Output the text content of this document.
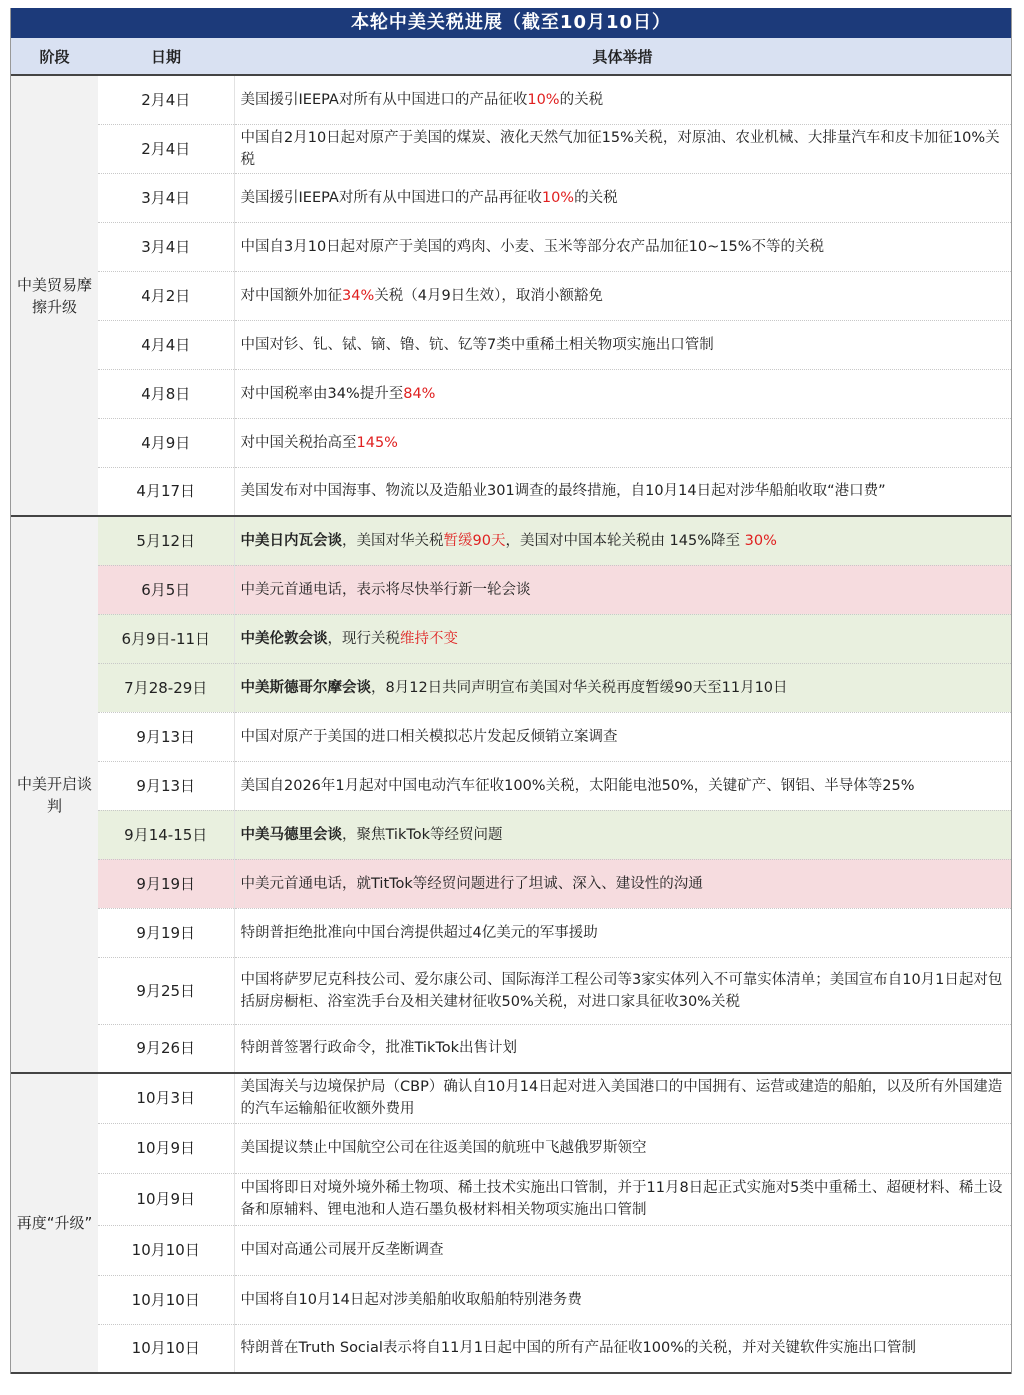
本轮中美关税进展（截至10月10日）
阶段	日期	具体举措
中美贸易摩擦升级	2月4日	美国援引IEEPA对所有从中国进口的产品征收10%的关税
	2月4日	中国自2月10日起对原产于美国的煤炭、液化天然气加征15%关税，对原油、农业机械、大排量汽车和皮卡加征10%关税
	3月4日	美国援引IEEPA对所有从中国进口的产品再征收10%的关税
	3月4日	中国自3月10日起对原产于美国的鸡肉、小麦、玉米等部分农产品加征10~15%不等的关税
	4月2日	对中国额外加征34%关税（4月9日生效），取消小额豁免
	4月4日	中国对钐、钆、铽、镝、镥、钪、钇等7类中重稀土相关物项实施出口管制
	4月8日	对中国税率由34%提升至84%
	4月9日	对中国关税抬高至145%
	4月17日	美国发布对中国海事、物流以及造船业301调查的最终措施，自10月14日起对涉华船舶收取“港口费”
中美开启谈判	5月12日	中美日内瓦会谈，美国对华关税暂缓90天，美国对中国本轮关税由 145%降至 30%
	6月5日	中美元首通电话，表示将尽快举行新一轮会谈
	6月9日-11日	中美伦敦会谈，现行关税维持不变
	7月28-29日	中美斯德哥尔摩会谈，8月12日共同声明宣布美国对华关税再度暂缓90天至11月10日
	9月13日	中国对原产于美国的进口相关模拟芯片发起反倾销立案调查
	9月13日	美国自2026年1月起对中国电动汽车征收100%关税，太阳能电池50%，关键矿产、钢铝、半导体等25%
	9月14-15日	中美马德里会谈，聚焦TikTok等经贸问题
	9月19日	中美元首通电话，就TitTok等经贸问题进行了坦诚、深入、建设性的沟通
	9月19日	特朗普拒绝批准向中国台湾提供超过4亿美元的军事援助
	9月25日	中国将萨罗尼克科技公司、爱尔康公司、国际海洋工程公司等3家实体列入不可靠实体清单；美国宣布自10月1日起对包括厨房橱柜、浴室洗手台及相关建材征收50%关税，对进口家具征收30%关税
	9月26日	特朗普签署行政命令，批准TikTok出售计划
再度“升级”	10月3日	美国海关与边境保护局（CBP）确认自10月14日起对进入美国港口的中国拥有、运营或建造的船舶，以及所有外国建造的汽车运输船征收额外费用
	10月9日	美国提议禁止中国航空公司在往返美国的航班中飞越俄罗斯领空
	10月9日	中国将即日对境外境外稀土物项、稀土技术实施出口管制，并于11月8日起正式实施对5类中重稀土、超硬材料、稀土设备和原辅料、锂电池和人造石墨负极材料相关物项实施出口管制
	10月10日	中国对高通公司展开反垄断调查
	10月10日	中国将自10月14日起对涉美船舶收取船舶特别港务费
	10月10日	特朗普在Truth Social表示将自11月1日起中国的所有产品征收100%的关税，并对关键软件实施出口管制
